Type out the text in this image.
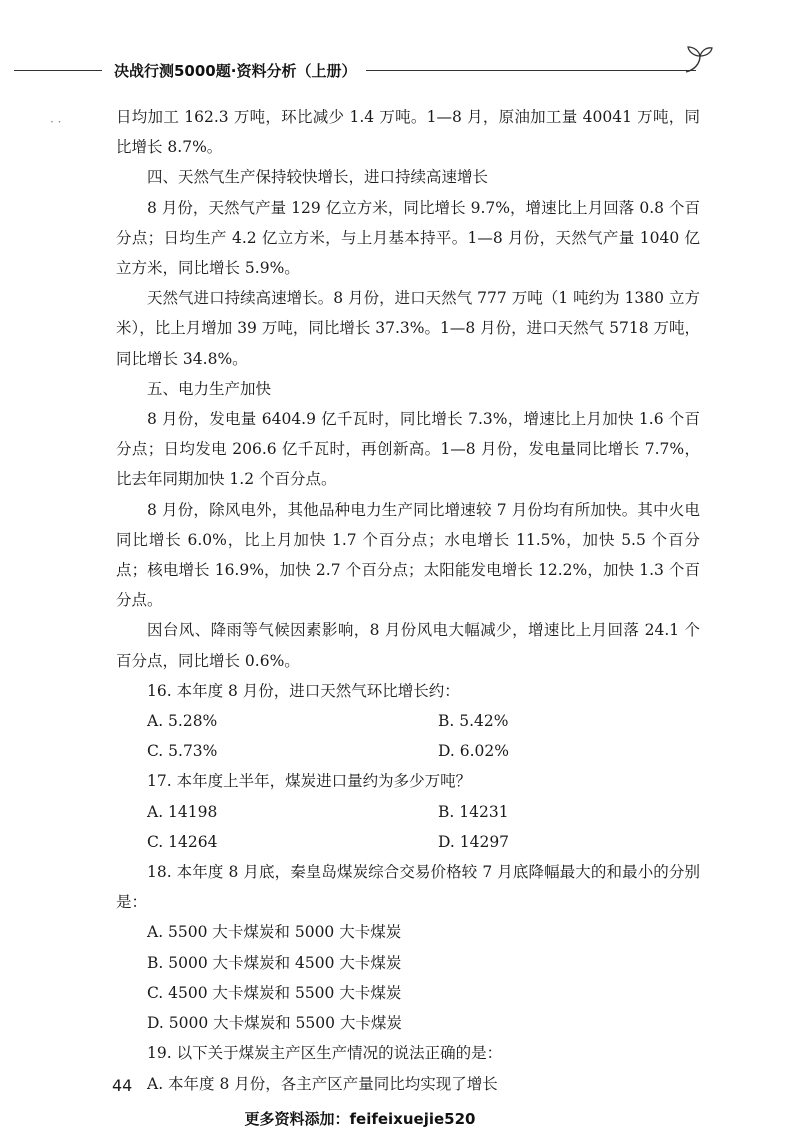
决战行测5000题·资料分析（上册）
· ·	日均加工 162.3 万吨，环比减少 1.4 万吨。1—8 月，原油加工量 40041 万吨，同比增长 8.7%。

四、天然气生产保持较快增长，进口持续高速增长

8 月份，天然气产量 129 亿立方米，同比增长 9.7%，增速比上月回落 0.8 个百分点；日均生产 4.2 亿立方米，与上月基本持平。1—8 月份，天然气产量 1040 亿立方米，同比增长 5.9%。

天然气进口持续高速增长。8 月份，进口天然气 777 万吨（1 吨约为 1380 立方米），比上月增加 39 万吨，同比增长 37.3%。1—8 月份，进口天然气 5718 万吨，同比增长 34.8%。

五、电力生产加快

8 月份，发电量 6404.9 亿千瓦时，同比增长 7.3%，增速比上月加快 1.6 个百分点；日均发电 206.6 亿千瓦时，再创新高。1—8 月份，发电量同比增长 7.7%，比去年同期加快 1.2 个百分点。

8 月份，除风电外，其他品种电力生产同比增速较 7 月份均有所加快。其中火电同比增长 6.0%，比上月加快 1.7 个百分点；水电增长 11.5%，加快 5.5 个百分点；核电增长 16.9%，加快 2.7 个百分点；太阳能发电增长 12.2%，加快 1.3 个百分点。

因台风、降雨等气候因素影响，8 月份风电大幅减少，增速比上月回落 24.1 个百分点，同比增长 0.6%。

16. 本年度 8 月份，进口天然气环比增长约：

A. 5.28%	B. 5.42%
C. 5.73%	D. 6.02%

17. 本年度上半年，煤炭进口量约为多少万吨？

A. 14198	B. 14231
C. 14264	D. 14297

18. 本年度 8 月底，秦皇岛煤炭综合交易价格较 7 月底降幅最大的和最小的分别是：

A. 5500 大卡煤炭和 5000 大卡煤炭
B. 5000 大卡煤炭和 4500 大卡煤炭
C. 4500 大卡煤炭和 5500 大卡煤炭
D. 5000 大卡煤炭和 5500 大卡煤炭

19. 以下关于煤炭主产区生产情况的说法正确的是：

A. 本年度 8 月份，各主产区产量同比均实现了增长
44
更多资料添加：feifeixuejie520
